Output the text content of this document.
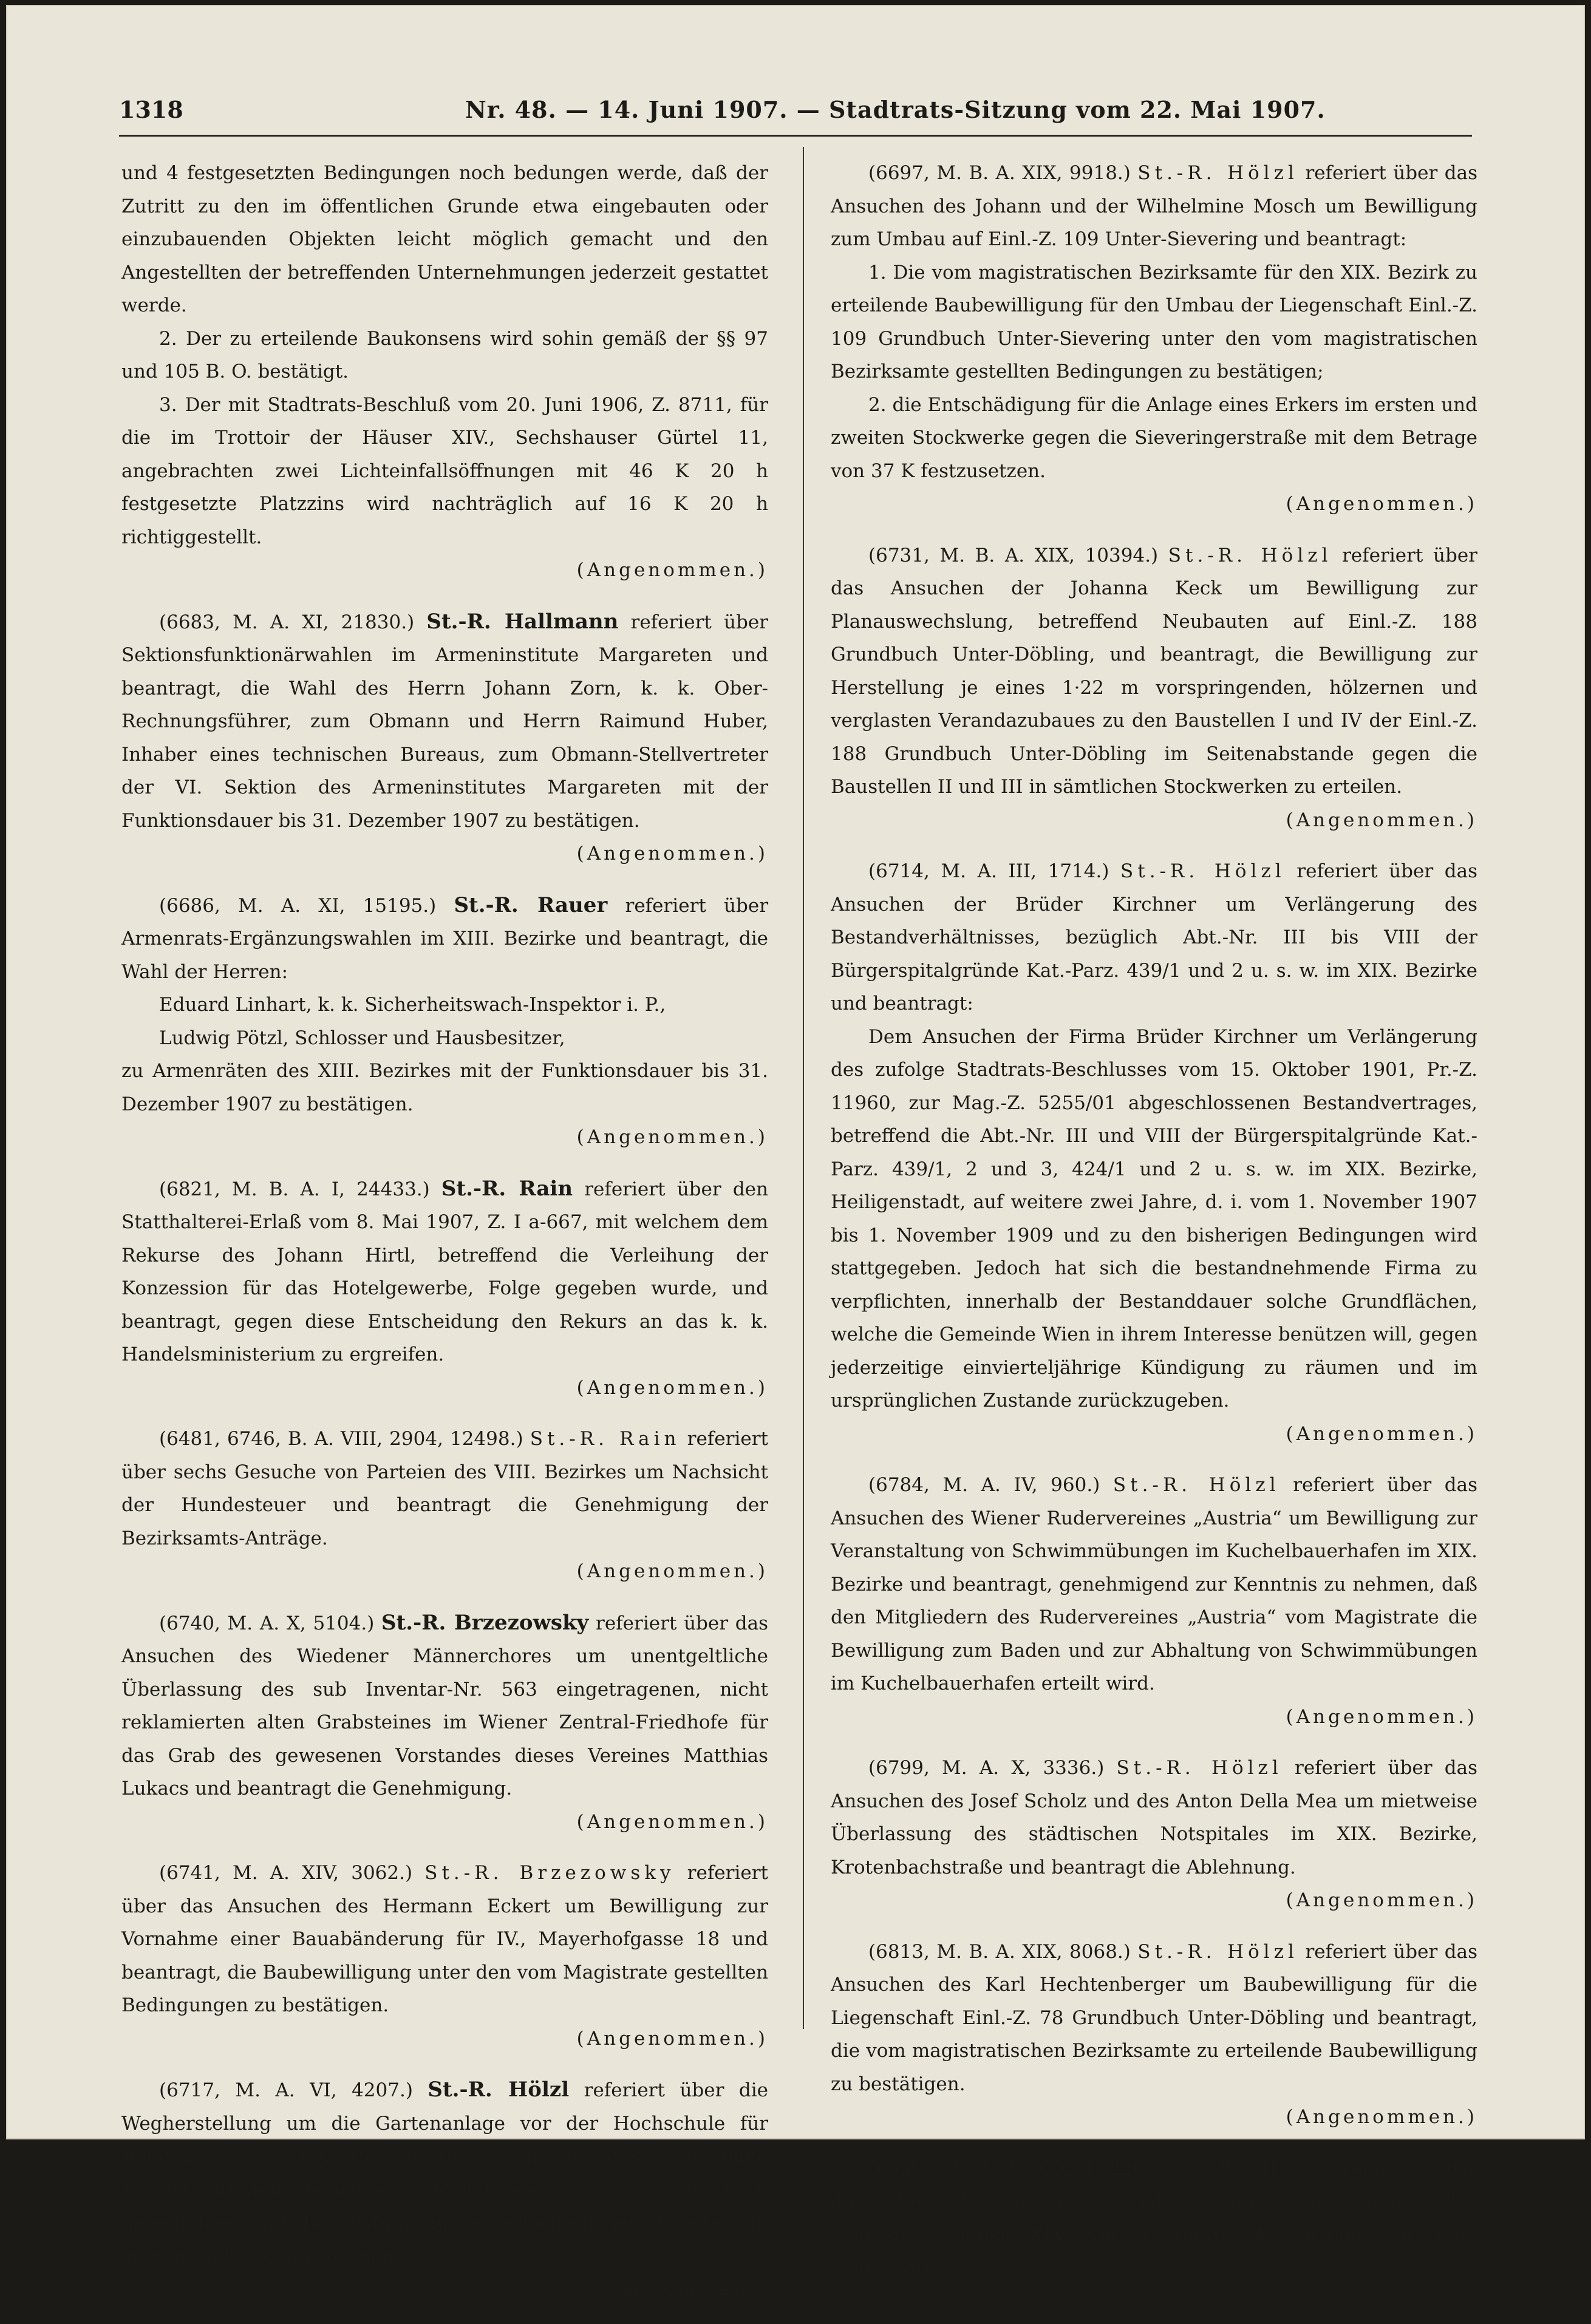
1318	Nr. 48. — 14. Juni 1907. — Stadtrats-Sitzung vom 22. Mai 1907.

und 4 festgesetzten Bedingungen noch bedungen werde, daß der Zutritt zu den im öffentlichen Grunde etwa eingebauten oder einzubauenden Objekten leicht möglich gemacht und den Angestellten der betreffenden Unternehmungen jederzeit gestattet werde.

2. Der zu erteilende Baukonsens wird sohin gemäß der §§ 97 und 105 B. O. bestätigt.

3. Der mit Stadtrats-Beschluß vom 20. Juni 1906, Z. 8711, für die im Trottoir der Häuser XIV., Sechshauser Gürtel 11, angebrachten zwei Lichteinfallsöffnungen mit 46 K 20 h festgesetzte Platzzins wird nachträglich auf 16 K 20 h richtiggestellt.

(Angenommen.)

(6683, M. A. XI, 21830.) St.-R. Hallmann referiert über Sektionsfunktionärwahlen im Armeninstitute Margareten und beantragt, die Wahl des Herrn Johann Zorn, k. k. Ober-Rechnungsführer, zum Obmann und Herrn Raimund Huber, Inhaber eines technischen Bureaus, zum Obmann-Stellvertreter der VI. Sektion des Armeninstitutes Margareten mit der Funktionsdauer bis 31. Dezember 1907 zu bestätigen.

(Angenommen.)

(6686, M. A. XI, 15195.) St.-R. Rauer referiert über Armenrats-Ergänzungswahlen im XIII. Bezirke und beantragt, die Wahl der Herren:

Eduard Linhart, k. k. Sicherheitswach-Inspektor i. P.,

Ludwig Pötzl, Schlosser und Hausbesitzer,

zu Armenräten des XIII. Bezirkes mit der Funktionsdauer bis 31. Dezember 1907 zu bestätigen.

(Angenommen.)

(6821, M. B. A. I, 24433.) St.-R. Rain referiert über den Statthalterei-Erlaß vom 8. Mai 1907, Z. I a-667, mit welchem dem Rekurse des Johann Hirtl, betreffend die Verleihung der Konzession für das Hotelgewerbe, Folge gegeben wurde, und beantragt, gegen diese Entscheidung den Rekurs an das k. k. Handelsministerium zu ergreifen.

(Angenommen.)

(6481, 6746, B. A. VIII, 2904, 12498.) St.-R. Rain referiert über sechs Gesuche von Parteien des VIII. Bezirkes um Nachsicht der Hundesteuer und beantragt die Genehmigung der Bezirksamts-Anträge.

(Angenommen.)

(6740, M. A. X, 5104.) St.-R. Brzezowsky referiert über das Ansuchen des Wiedener Männerchores um unentgeltliche Überlassung des sub Inventar-Nr. 563 eingetragenen, nicht reklamierten alten Grabsteines im Wiener Zentral-Friedhofe für das Grab des gewesenen Vorstandes dieses Vereines Matthias Lukacs und beantragt die Genehmigung.

(Angenommen.)

(6741, M. A. XIV, 3062.) St.-R. Brzezowsky referiert über das Ansuchen des Hermann Eckert um Bewilligung zur Vornahme einer Bauabänderung für IV., Mayerhofgasse 18 und beantragt, die Baubewilligung unter den vom Magistrate gestellten Bedingungen zu bestätigen.

(Angenommen.)

(6717, M. A. VI, 4207.) St.-R. Hölzl referiert über die Wegherstellung um die Gartenanlage vor der Hochschule für Bodenkultur im XIX. Bezirke und beantragt, das vorliegende Projekt mit dem bedeckten Erfordernisse von 9631 K 95 h zu genehmigen und die Ausführung der erforderlichen Arbeiten im kurrenten Wege anzuordnen.

(Angenommen.)

(6697, M. B. A. XIX, 9918.) St.-R. Hölzl referiert über das Ansuchen des Johann und der Wilhelmine Mosch um Bewilligung zum Umbau auf Einl.-Z. 109 Unter-Sievering und beantragt:

1. Die vom magistratischen Bezirksamte für den XIX. Bezirk zu erteilende Baubewilligung für den Umbau der Liegenschaft Einl.-Z. 109 Grundbuch Unter-Sievering unter den vom magistratischen Bezirksamte gestellten Bedingungen zu bestätigen;

2. die Entschädigung für die Anlage eines Erkers im ersten und zweiten Stockwerke gegen die Sieveringerstraße mit dem Betrage von 37 K festzusetzen.

(Angenommen.)

(6731, M. B. A. XIX, 10394.) St.-R. Hölzl referiert über das Ansuchen der Johanna Keck um Bewilligung zur Planauswechslung, betreffend Neubauten auf Einl.-Z. 188 Grundbuch Unter-Döbling, und beantragt, die Bewilligung zur Herstellung je eines 1·22 m vorspringenden, hölzernen und verglasten Verandazubaues zu den Baustellen I und IV der Einl.-Z. 188 Grundbuch Unter-Döbling im Seitenabstande gegen die Baustellen II und III in sämtlichen Stockwerken zu erteilen.

(Angenommen.)

(6714, M. A. III, 1714.) St.-R. Hölzl referiert über das Ansuchen der Brüder Kirchner um Verlängerung des Bestandverhältnisses, bezüglich Abt.-Nr. III bis VIII der Bürgerspitalgründe Kat.-Parz. 439/1 und 2 u. s. w. im XIX. Bezirke und beantragt:

Dem Ansuchen der Firma Brüder Kirchner um Verlängerung des zufolge Stadtrats-Beschlusses vom 15. Oktober 1901, Pr.-Z. 11960, zur Mag.-Z. 5255/01 abgeschlossenen Bestandvertrages, betreffend die Abt.-Nr. III und VIII der Bürgerspitalgründe Kat.-Parz. 439/1, 2 und 3, 424/1 und 2 u. s. w. im XIX. Bezirke, Heiligenstadt, auf weitere zwei Jahre, d. i. vom 1. November 1907 bis 1. November 1909 und zu den bisherigen Bedingungen wird stattgegeben. Jedoch hat sich die bestandnehmende Firma zu verpflichten, innerhalb der Bestanddauer solche Grundflächen, welche die Gemeinde Wien in ihrem Interesse benützen will, gegen jederzeitige einvierteljährige Kündigung zu räumen und im ursprünglichen Zustande zurückzugeben.

(Angenommen.)

(6784, M. A. IV, 960.) St.-R. Hölzl referiert über das Ansuchen des Wiener Rudervereines „Austria“ um Bewilligung zur Veranstaltung von Schwimmübungen im Kuchelbauerhafen im XIX. Bezirke und beantragt, genehmigend zur Kenntnis zu nehmen, daß den Mitgliedern des Rudervereines „Austria“ vom Magistrate die Bewilligung zum Baden und zur Abhaltung von Schwimmübungen im Kuchelbauerhafen erteilt wird.

(Angenommen.)

(6799, M. A. X, 3336.) St.-R. Hölzl referiert über das Ansuchen des Josef Scholz und des Anton Della Mea um mietweise Überlassung des städtischen Notspitales im XIX. Bezirke, Krotenbachstraße und beantragt die Ablehnung.

(Angenommen.)

(6813, M. B. A. XIX, 8068.) St.-R. Hölzl referiert über das Ansuchen des Karl Hechtenberger um Baubewilligung für die Liegenschaft Einl.-Z. 78 Grundbuch Unter-Döbling und beantragt, die vom magistratischen Bezirksamte zu erteilende Baubewilligung zu bestätigen.

(Angenommen.)

(6839, M. B. A. XIX, 10220.) St.-R. Hölzl referiert über das Offert des Gastwirtes Ludwig Höbart auf Mietung des städtischen Hauses XIX., Springsiedelweg 1, und beantragt, dem Höbart die
